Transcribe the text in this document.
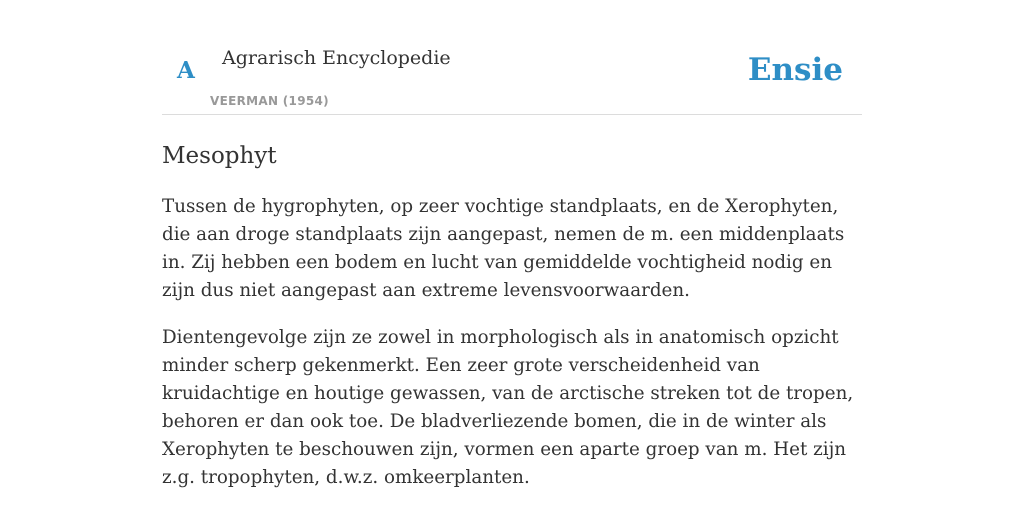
A Agrarisch Encyclopedie
VEERMAN (1954)
Ensie
Mesophyt

Tussen de hygrophyten, op zeer vochtige standplaats, en de Xerophyten, die aan droge standplaats zijn aangepast, nemen de m. een middenplaats in. Zij hebben een bodem en lucht van gemiddelde vochtigheid nodig en zijn dus niet aangepast aan extreme levensvoorwaarden.

Dientengevolge zijn ze zowel in morphologisch als in anatomisch opzicht minder scherp gekenmerkt. Een zeer grote verscheidenheid van kruidachtige en houtige gewassen, van de arctische streken tot de tropen, behoren er dan ook toe. De bladverliezende bomen, die in de winter als Xerophyten te beschouwen zijn, vormen een aparte groep van m. Het zijn z.g. tropophyten, d.w.z. omkeerplanten.
